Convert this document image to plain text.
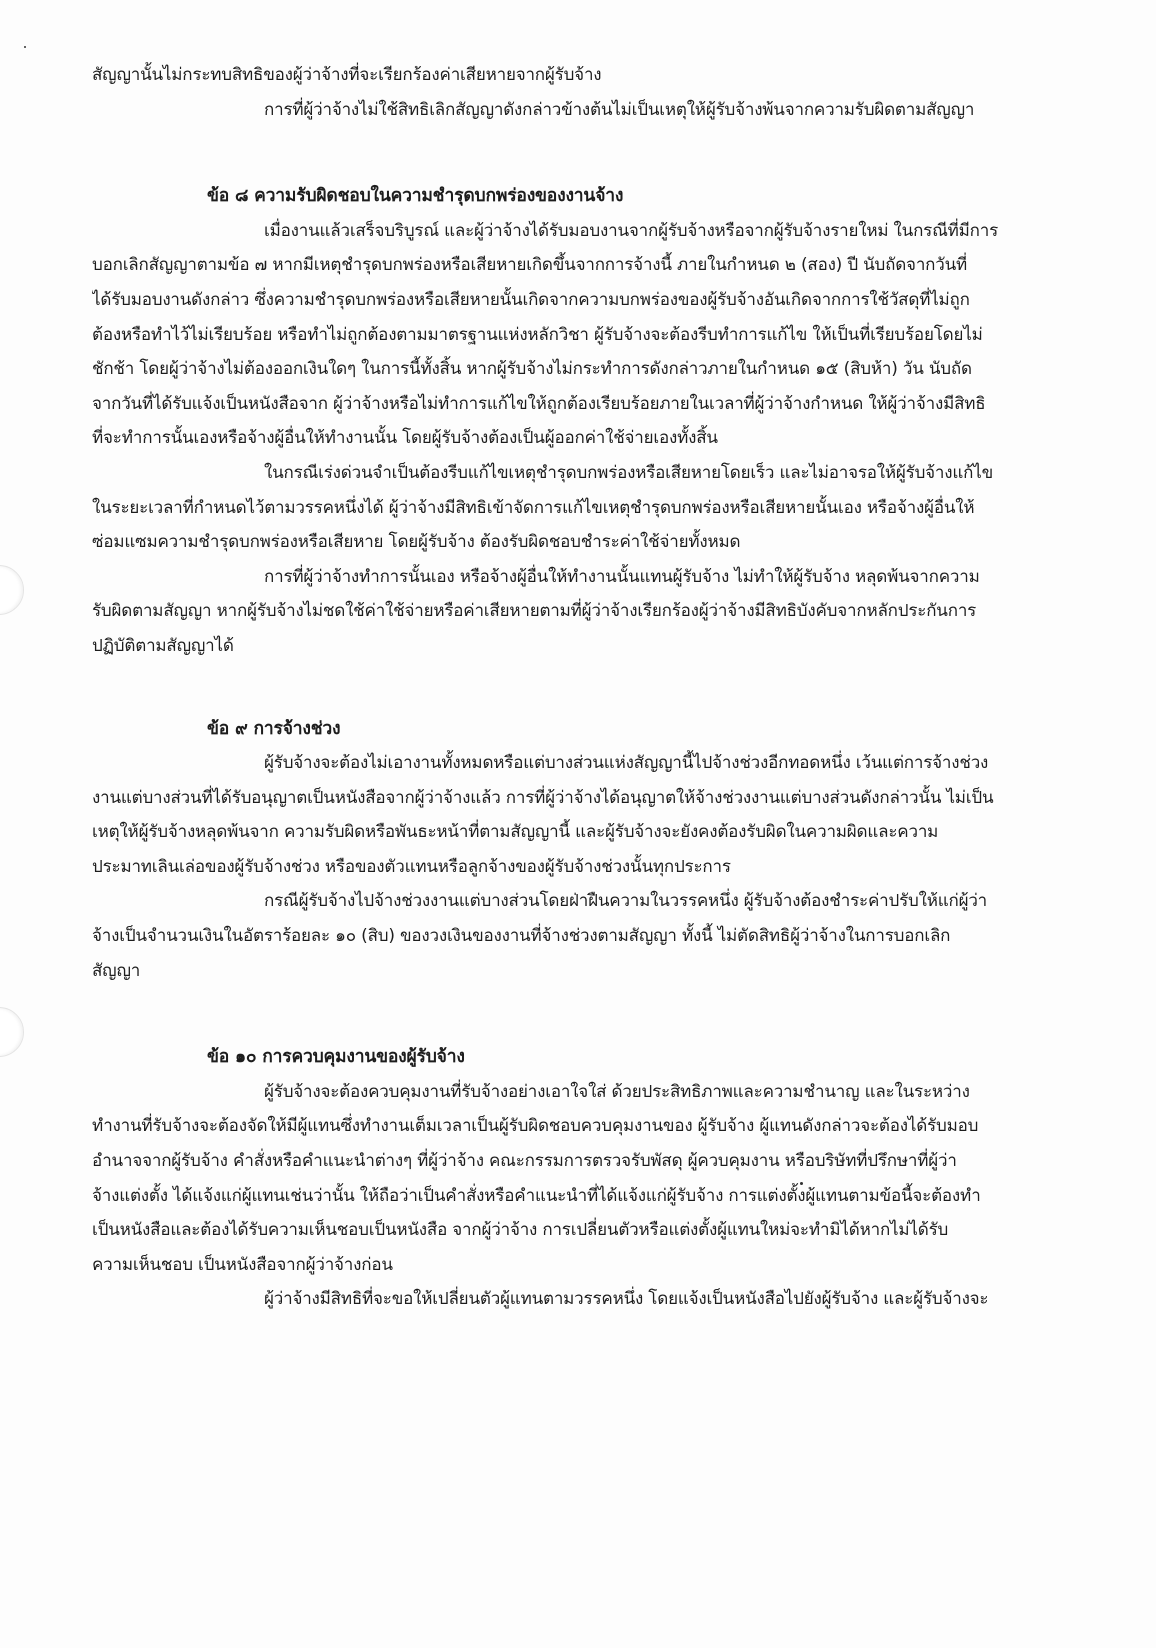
สัญญานั้นไม่กระทบสิทธิของผู้ว่าจ้างที่จะเรียกร้องค่าเสียหายจากผู้รับจ้าง
การที่ผู้ว่าจ้างไม่ใช้สิทธิเลิกสัญญาดังกล่าวข้างต้นไม่เป็นเหตุให้ผู้รับจ้างพ้นจากความรับผิดตามสัญญา
ข้อ ๘ ความรับผิดชอบในความชำรุดบกพร่องของงานจ้าง
เมื่องานแล้วเสร็จบริบูรณ์ และผู้ว่าจ้างได้รับมอบงานจากผู้รับจ้างหรือจากผู้รับจ้างรายใหม่ ในกรณีที่มีการ
บอกเลิกสัญญาตามข้อ ๗ หากมีเหตุชำรุดบกพร่องหรือเสียหายเกิดขึ้นจากการจ้างนี้ ภายในกำหนด ๒ (สอง) ปี นับถัดจากวันที่
ได้รับมอบงานดังกล่าว ซึ่งความชำรุดบกพร่องหรือเสียหายนั้นเกิดจากความบกพร่องของผู้รับจ้างอันเกิดจากการใช้วัสดุที่ไม่ถูก
ต้องหรือทำไว้ไม่เรียบร้อย หรือทำไม่ถูกต้องตามมาตรฐานแห่งหลักวิชา ผู้รับจ้างจะต้องรีบทำการแก้ไข ให้เป็นที่เรียบร้อยโดยไม่
ชักช้า โดยผู้ว่าจ้างไม่ต้องออกเงินใดๆ ในการนี้ทั้งสิ้น หากผู้รับจ้างไม่กระทำการดังกล่าวภายในกำหนด ๑๕ (สิบห้า) วัน นับถัด
จากวันที่ได้รับแจ้งเป็นหนังสือจาก ผู้ว่าจ้างหรือไม่ทำการแก้ไขให้ถูกต้องเรียบร้อยภายในเวลาที่ผู้ว่าจ้างกำหนด ให้ผู้ว่าจ้างมีสิทธิ
ที่จะทำการนั้นเองหรือจ้างผู้อื่นให้ทำงานนั้น โดยผู้รับจ้างต้องเป็นผู้ออกค่าใช้จ่ายเองทั้งสิ้น
ในกรณีเร่งด่วนจำเป็นต้องรีบแก้ไขเหตุชำรุดบกพร่องหรือเสียหายโดยเร็ว และไม่อาจรอให้ผู้รับจ้างแก้ไข
ในระยะเวลาที่กำหนดไว้ตามวรรคหนึ่งได้ ผู้ว่าจ้างมีสิทธิเข้าจัดการแก้ไขเหตุชำรุดบกพร่องหรือเสียหายนั้นเอง หรือจ้างผู้อื่นให้
ซ่อมแซมความชำรุดบกพร่องหรือเสียหาย โดยผู้รับจ้าง ต้องรับผิดชอบชำระค่าใช้จ่ายทั้งหมด
การที่ผู้ว่าจ้างทำการนั้นเอง หรือจ้างผู้อื่นให้ทำงานนั้นแทนผู้รับจ้าง ไม่ทำให้ผู้รับจ้าง หลุดพ้นจากความ
รับผิดตามสัญญา หากผู้รับจ้างไม่ชดใช้ค่าใช้จ่ายหรือค่าเสียหายตามที่ผู้ว่าจ้างเรียกร้องผู้ว่าจ้างมีสิทธิบังคับจากหลักประกันการ
ปฏิบัติตามสัญญาได้
ข้อ ๙ การจ้างช่วง
ผู้รับจ้างจะต้องไม่เอางานทั้งหมดหรือแต่บางส่วนแห่งสัญญานี้ไปจ้างช่วงอีกทอดหนึ่ง เว้นแต่การจ้างช่วง
งานแต่บางส่วนที่ได้รับอนุญาตเป็นหนังสือจากผู้ว่าจ้างแล้ว การที่ผู้ว่าจ้างได้อนุญาตให้จ้างช่วงงานแต่บางส่วนดังกล่าวนั้น ไม่เป็น
เหตุให้ผู้รับจ้างหลุดพ้นจาก ความรับผิดหรือพันธะหน้าที่ตามสัญญานี้ และผู้รับจ้างจะยังคงต้องรับผิดในความผิดและความ
ประมาทเลินเล่อของผู้รับจ้างช่วง หรือของตัวแทนหรือลูกจ้างของผู้รับจ้างช่วงนั้นทุกประการ
กรณีผู้รับจ้างไปจ้างช่วงงานแต่บางส่วนโดยฝ่าฝืนความในวรรคหนึ่ง ผู้รับจ้างต้องชำระค่าปรับให้แก่ผู้ว่า
จ้างเป็นจำนวนเงินในอัตราร้อยละ ๑๐ (สิบ) ของวงเงินของงานที่จ้างช่วงตามสัญญา ทั้งนี้ ไม่ตัดสิทธิผู้ว่าจ้างในการบอกเลิก
สัญญา
ข้อ ๑๐ การควบคุมงานของผู้รับจ้าง
ผู้รับจ้างจะต้องควบคุมงานที่รับจ้างอย่างเอาใจใส่ ด้วยประสิทธิภาพและความชำนาญ และในระหว่าง
ทำงานที่รับจ้างจะต้องจัดให้มีผู้แทนซึ่งทำงานเต็มเวลาเป็นผู้รับผิดชอบควบคุมงานของ ผู้รับจ้าง ผู้แทนดังกล่าวจะต้องได้รับมอบ
อำนาจจากผู้รับจ้าง คำสั่งหรือคำแนะนำต่างๆ ที่ผู้ว่าจ้าง คณะกรรมการตรวจรับพัสดุ ผู้ควบคุมงาน หรือบริษัทที่ปรึกษาที่ผู้ว่า
จ้างแต่งตั้ง ได้แจ้งแก่ผู้แทนเช่นว่านั้น ให้ถือว่าเป็นคำสั่งหรือคำแนะนำที่ได้แจ้งแก่ผู้รับจ้าง การแต่งตั้งผู้แทนตามข้อนี้จะต้องทำ
เป็นหนังสือและต้องได้รับความเห็นชอบเป็นหนังสือ จากผู้ว่าจ้าง การเปลี่ยนตัวหรือแต่งตั้งผู้แทนใหม่จะทำมิได้หากไม่ได้รับ
ความเห็นชอบ เป็นหนังสือจากผู้ว่าจ้างก่อน
ผู้ว่าจ้างมีสิทธิที่จะขอให้เปลี่ยนตัวผู้แทนตามวรรคหนึ่ง โดยแจ้งเป็นหนังสือไปยังผู้รับจ้าง และผู้รับจ้างจะ
